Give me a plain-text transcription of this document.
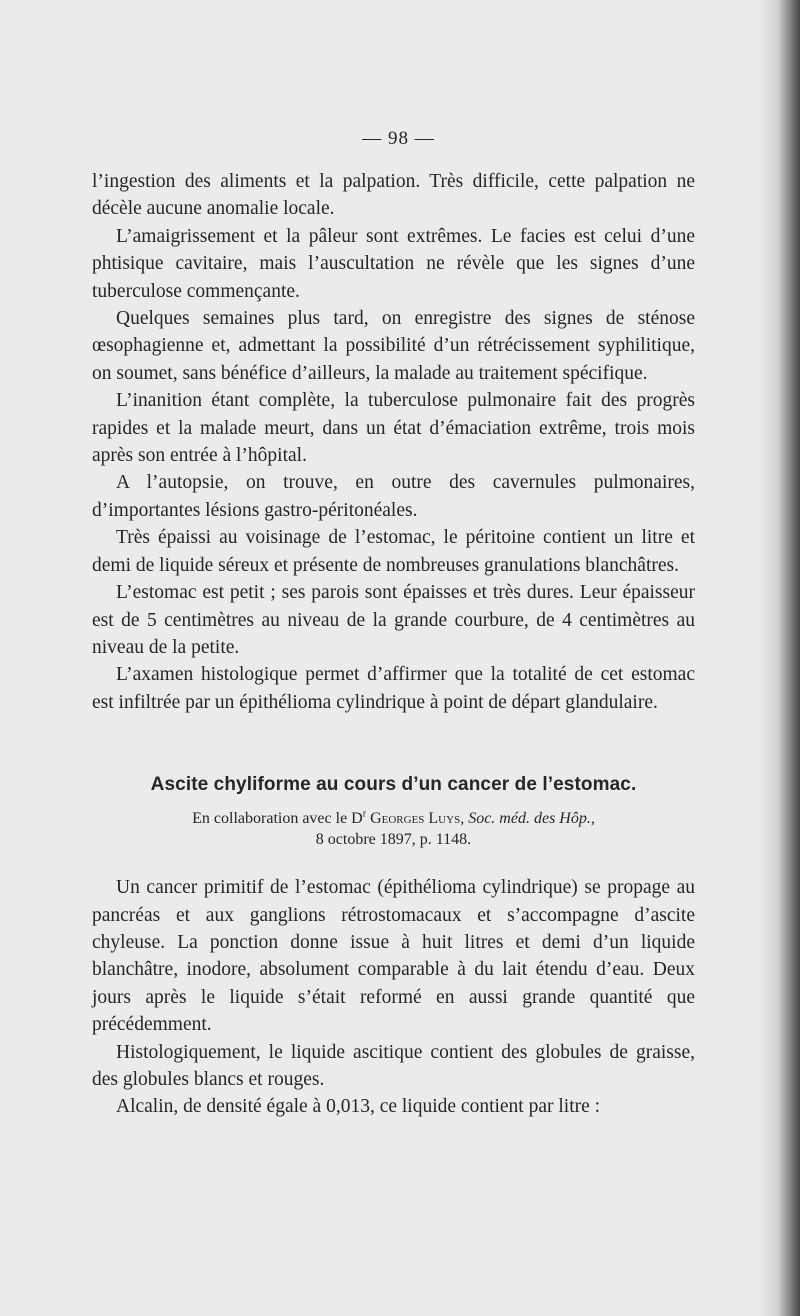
— 98 —

l’ingestion des aliments et la palpation. Très difficile, cette palpation ne décèle aucune anomalie locale.

L’amaigrissement et la pâleur sont extrêmes. Le facies est celui d’une phtisique cavitaire, mais l’auscultation ne révèle que les signes d’une tuberculose commençante.

Quelques semaines plus tard, on enregistre des signes de sténose œsophagienne et, admettant la possibilité d’un rétrécissement syphilitique, on soumet, sans bénéfice d’ailleurs, la malade au traitement spécifique.

L’inanition étant complète, la tuberculose pulmonaire fait des progrès rapides et la malade meurt, dans un état d’émaciation extrême, trois mois après son entrée à l’hôpital.

A l’autopsie, on trouve, en outre des cavernules pulmonaires, d’importantes lésions gastro-péritonéales.

Très épaissi au voisinage de l’estomac, le péritoine contient un litre et demi de liquide séreux et présente de nombreuses granulations blanchâtres.

L’estomac est petit ; ses parois sont épaisses et très dures. Leur épaisseur est de 5 centimètres au niveau de la grande courbure, de 4 centimètres au niveau de la petite.

L’axamen histologique permet d’affirmer que la totalité de cet estomac est infiltrée par un épithélioma cylindrique à point de départ glandulaire.

Ascite chyliforme au cours d’un cancer de l’estomac.
En collaboration avec le $D^r$ Georges Luys, Soc. méd. des Hôp.,
8 octobre 1897, p. 1148.

Un cancer primitif de l’estomac (épithélioma cylindrique) se propage au pancréas et aux ganglions rétrostomacaux et s’accompagne d’ascite chyleuse. La ponction donne issue à huit litres et demi d’un liquide blanchâtre, inodore, absolument comparable à du lait étendu d’eau. Deux jours après le liquide s’était reformé en aussi grande quantité que précédemment.

Histologiquement, le liquide ascitique contient des globules de graisse, des globules blancs et rouges.

Alcalin, de densité égale à 0,013, ce liquide contient par litre :
